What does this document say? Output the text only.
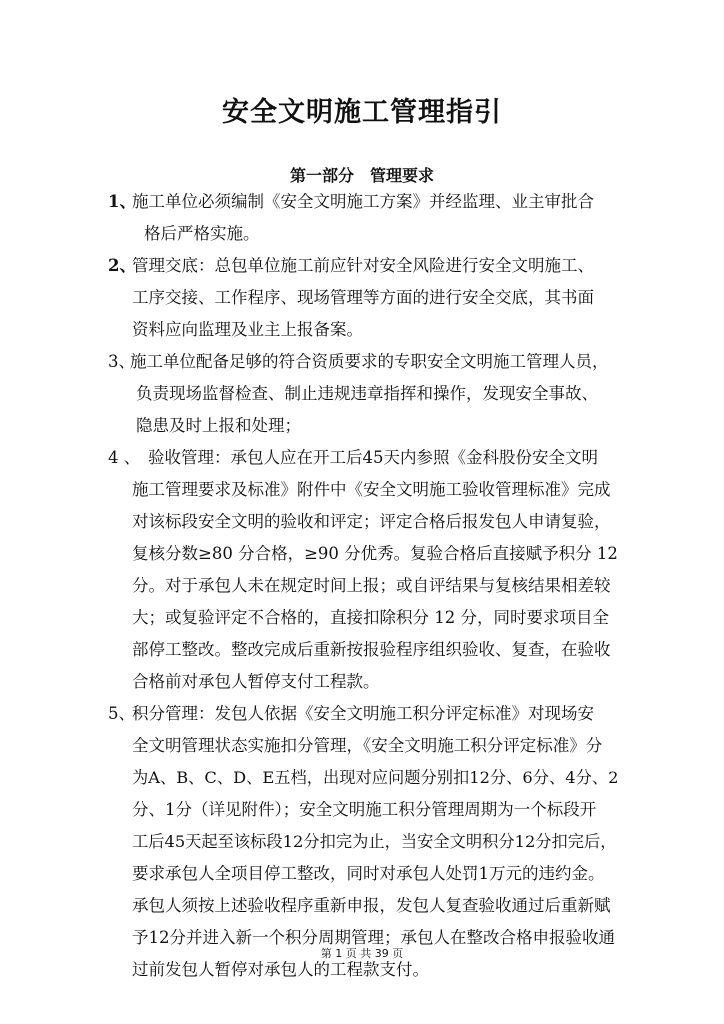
安全文明施工管理指引
第一部分　管理要求
1、
施工单位必须编制《安全文明施工方案》并经监理、业主审批合
格后严格实施。
2、
管理交底：总包单位施工前应针对安全风险进行安全文明施工、
工序交接、工作程序、现场管理等方面的进行安全交底，其书面
资料应向监理及业主上报备案。
3、
施工单位配备足够的符合资质要求的专职安全文明施工管理人员，
负责现场监督检查、制止违规违章指挥和操作，发现安全事故、
隐患及时上报和处理；
4 、 验收管理：承包人应在开工后45天内参照《金科股份安全文明
施工管理要求及标准》附件中《安全文明施工验收管理标准》完成
对该标段安全文明的验收和评定；评定合格后报发包人申请复验，
复核分数≥80 分合格，≥90 分优秀。复验合格后直接赋予积分 12
分。对于承包人未在规定时间上报；或自评结果与复核结果相差较
大；或复验评定不合格的，直接扣除积分 12 分，同时要求项目全
部停工整改。整改完成后重新按报验程序组织验收、复查，在验收
合格前对承包人暂停支付工程款。
5、
积分管理：发包人依据《安全文明施工积分评定标准》对现场安
全文明管理状态实施扣分管理，《安全文明施工积分评定标准》分
为A、B、C、D、E五档，出现对应问题分别扣12分、6分、4分、2
分、1分（详见附件）；安全文明施工积分管理周期为一个标段开
工后45天起至该标段12分扣完为止，当安全文明积分12分扣完后，
要求承包人全项目停工整改，同时对承包人处罚1万元的违约金。
承包人须按上述验收程序重新申报，发包人复查验收通过后重新赋
予12分并进入新一个积分周期管理；承包人在整改合格申报验收通
过前发包人暂停对承包人的工程款支付。
第 1 页 共 39 页
